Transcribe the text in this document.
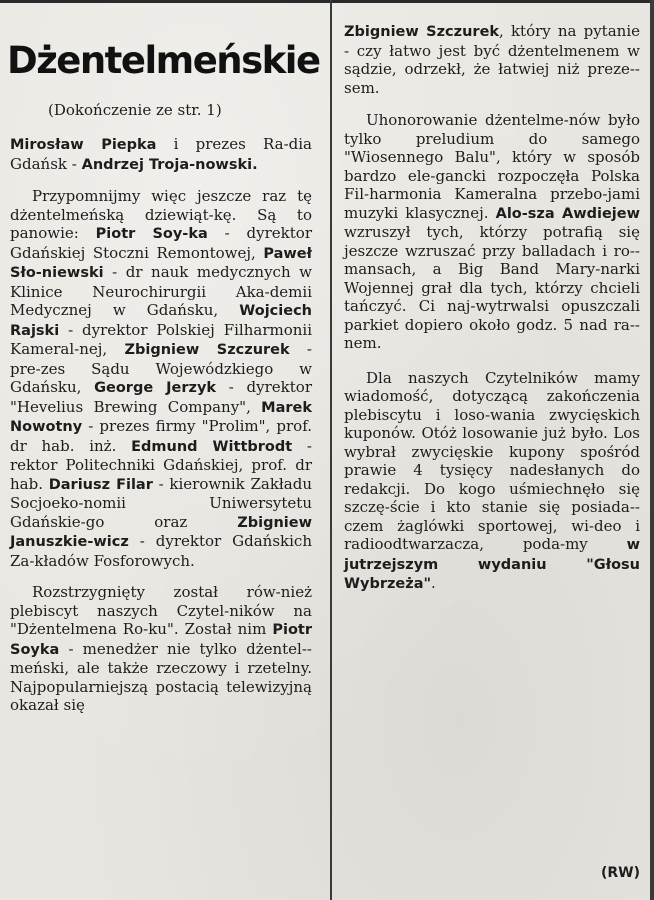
Dżentelmeńskie
(Dokończenie ze str. 1)

Mirosław Piepka i prezes Ra-dia Gdańsk - Andrzej Troja-nowski.

Przypomnijmy więc jeszcze raz tę dżentelmeńską dziewiąt-kę. Są to panowie: Piotr Soy-ka - dyrektor Gdańskiej Stoczni Remontowej, Paweł Sło-niewski - dr nauk medycznych w Klinice Neurochirurgii Aka-demii Medycznej w Gdańsku, Wojciech Rajski - dyrektor Polskiej Filharmonii Kameral-nej, Zbigniew Szczurek - pre-zes Sądu Wojewódzkiego w Gdańsku, George Jerzyk - dyrektor "Hevelius Brewing Company", Marek Nowotny - prezes firmy "Prolim", prof. dr hab. inż. Edmund Wittbrodt - rektor Politechniki Gdańskiej, prof. dr hab. Dariusz Filar - kierownik Zakładu Socjoeko-nomii Uniwersytetu Gdańskie-go oraz Zbigniew Januszkie-wicz - dyrektor Gdańskich Za-kładów Fosforowych.

Rozstrzygnięty został rów-nież plebiscyt naszych Czytel-ników na "Dżentelmena Ro-ku". Został nim Piotr Soyka - menedżer nie tylko dżentel-meński, ale także rzeczowy i rzetelny. Najpopularniejszą postacią telewizyjną okazał się

Zbigniew Szczurek, który na pytanie - czy łatwo jest być dżentelmenem w sądzie, odrzekł, że łatwiej niż preze-sem.

Uhonorowanie dżentelme-nów było tylko preludium do samego "Wiosennego Balu", który w sposób bardzo ele-gancki rozpoczęła Polska Fil-harmonia Kameralna przebo-jami muzyki klasycznej. Alo-sza Awdiejew wzruszył tych, którzy potrafią się jeszcze wzruszać przy balladach i ro-mansach, a Big Band Mary-narki Wojennej grał dla tych, którzy chcieli tańczyć. Ci naj-wytrwalsi opuszczali parkiet dopiero około godz. 5 nad ra-nem.

Dla naszych Czytelników mamy wiadomość, dotyczącą zakończenia plebiscytu i loso-wania zwycięskich kuponów. Otóż losowanie już było. Los wybrał zwycięskie kupony spośród prawie 4 tysięcy nadesłanych do redakcji. Do kogo uśmiechnęło się szczę-ście i kto stanie się posiada-czem żaglówki sportowej, wi-deo i radioodtwarzacza, poda-my w jutrzejszym wydaniu "Głosu Wybrzeża".

(RW)
